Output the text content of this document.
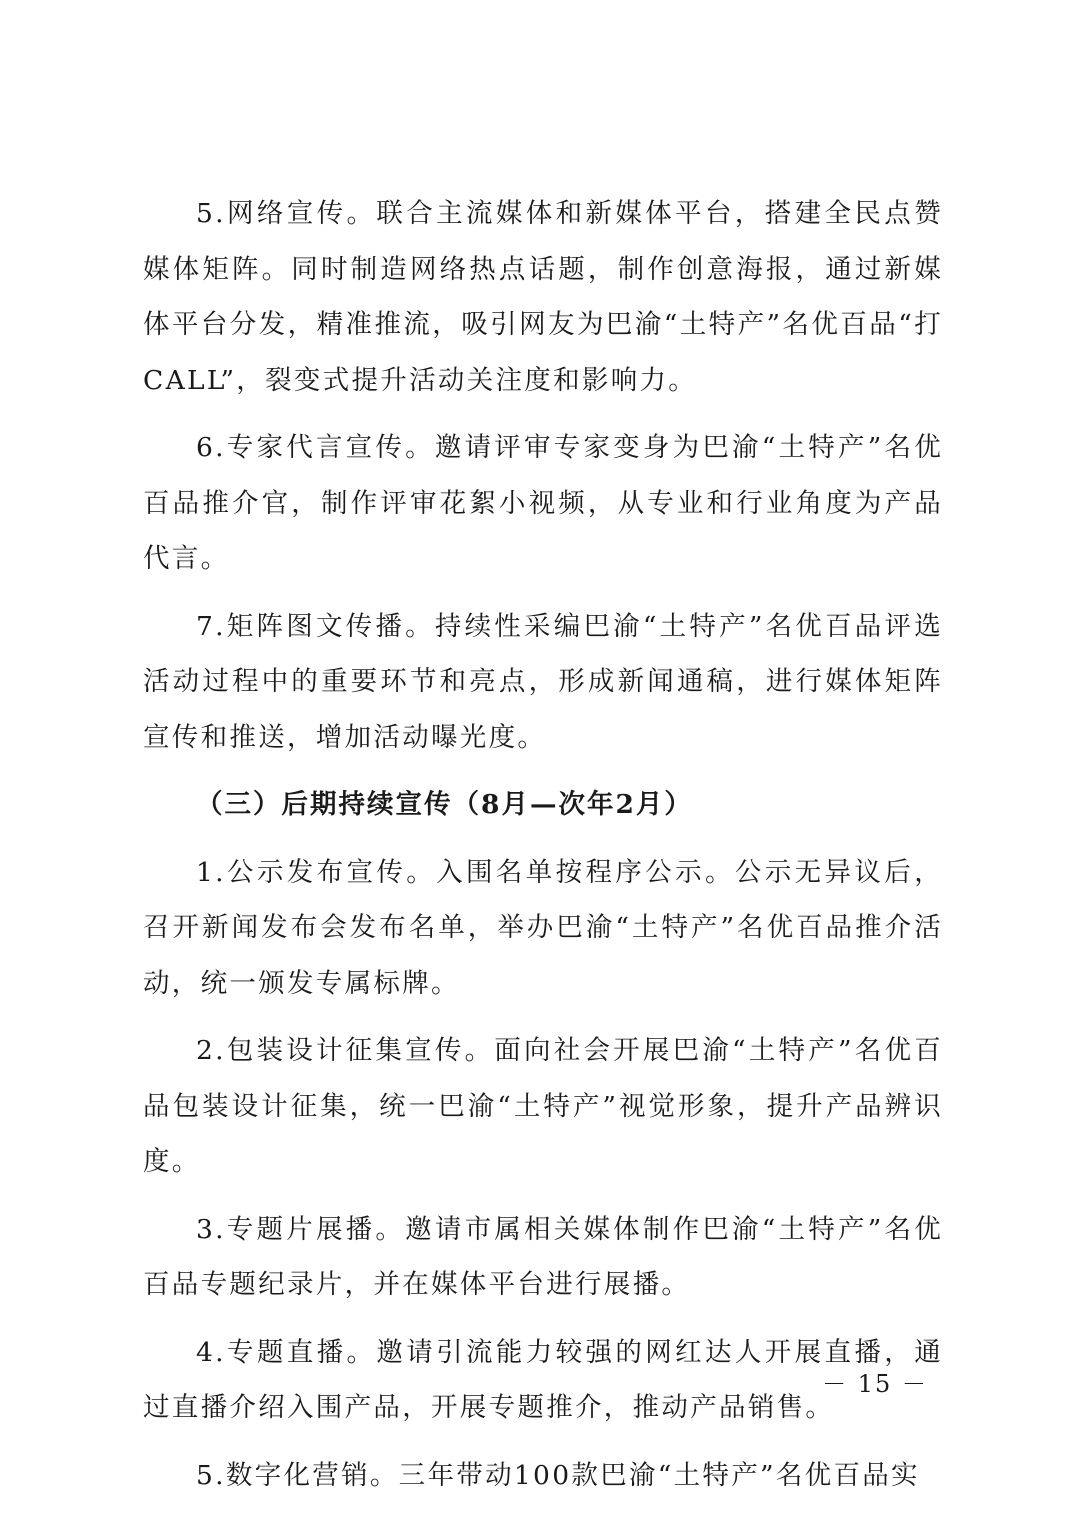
5.网络宣传。联合主流媒体和新媒体平台，搭建全民点赞媒体矩阵。同时制造网络热点话题，制作创意海报，通过新媒体平台分发，精准推流，吸引网友为巴渝“土特产”名优百品“打CALL”，裂变式提升活动关注度和影响力。

6.专家代言宣传。邀请评审专家变身为巴渝“土特产”名优百品推介官，制作评审花絮小视频，从专业和行业角度为产品代言。

7.矩阵图文传播。持续性采编巴渝“土特产”名优百品评选活动过程中的重要环节和亮点，形成新闻通稿，进行媒体矩阵宣传和推送，增加活动曝光度。

（三）后期持续宣传（8月—次年2月）

1.公示发布宣传。入围名单按程序公示。公示无异议后，召开新闻发布会发布名单，举办巴渝“土特产”名优百品推介活动，统一颁发专属标牌。

2.包装设计征集宣传。面向社会开展巴渝“土特产”名优百品包装设计征集，统一巴渝“土特产”视觉形象，提升产品辨识度。

3.专题片展播。邀请市属相关媒体制作巴渝“土特产”名优百品专题纪录片，并在媒体平台进行展播。

4.专题直播。邀请引流能力较强的网红达人开展直播，通过直播介绍入围产品，开展专题推介，推动产品销售。

5.数字化营销。三年带动100款巴渝“土特产”名优百品实

－ 15 －
